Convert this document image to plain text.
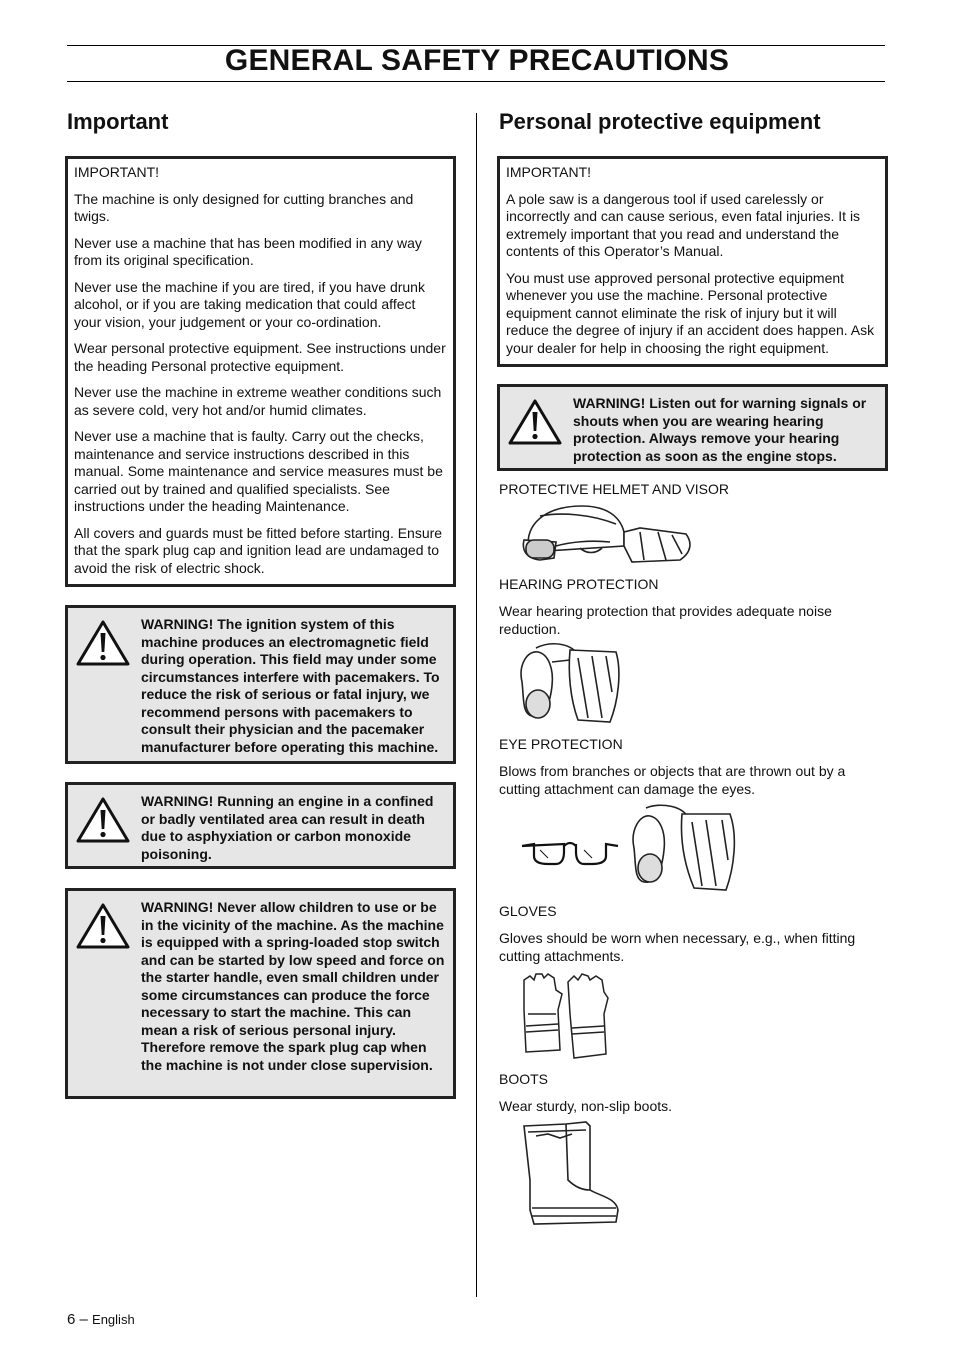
GENERAL SAFETY PRECAUTIONS
Important

IMPORTANT!

The machine is only designed for cutting branches and twigs.

Never use a machine that has been modified in any way from its original specification.

Never use the machine if you are tired, if you have drunk alcohol, or if you are taking medication that could affect your vision, your judgement or your co-ordination.

Wear personal protective equipment. See instructions under the heading Personal protective equipment.

Never use the machine in extreme weather conditions such as severe cold, very hot and/or humid climates.

Never use a machine that is faulty. Carry out the checks, maintenance and service instructions described in this manual. Some maintenance and service measures must be carried out by trained and qualified specialists. See instructions under the heading Maintenance.

All covers and guards must be fitted before starting. Ensure that the spark plug cap and ignition lead are undamaged to avoid the risk of electric shock.

WARNING! The ignition system of this machine produces an electromagnetic field during operation. This field may under some circumstances interfere with pacemakers. To reduce the risk of serious or fatal injury, we recommend persons with pacemakers to consult their physician and the pacemaker manufacturer before operating this machine.
WARNING! Running an engine in a confined or badly ventilated area can result in death due to asphyxiation or carbon monoxide poisoning.
WARNING! Never allow children to use or be in the vicinity of the machine. As the machine is equipped with a spring-loaded stop switch and can be started by low speed and force on the starter handle, even small children under some circumstances can produce the force necessary to start the machine. This can mean a risk of serious personal injury. Therefore remove the spark plug cap when the machine is not under close supervision.
Personal protective equipment

IMPORTANT!

A pole saw is a dangerous tool if used carelessly or incorrectly and can cause serious, even fatal injuries. It is extremely important that you read and understand the contents of this Operator’s Manual.

You must use approved personal protective equipment whenever you use the machine. Personal protective equipment cannot eliminate the risk of injury but it will reduce the degree of injury if an accident does happen. Ask your dealer for help in choosing the right equipment.

WARNING! Listen out for warning signals or shouts when you are wearing hearing protection. Always remove your hearing protection as soon as the engine stops.
PROTECTIVE HELMET AND VISOR
HEARING PROTECTION
Wear hearing protection that provides adequate noise reduction.
EYE PROTECTION
Blows from branches or objects that are thrown out by a cutting attachment can damage the eyes.
GLOVES
Gloves should be worn when necessary, e.g., when fitting cutting attachments.
BOOTS
Wear sturdy, non-slip boots.
6 – English
